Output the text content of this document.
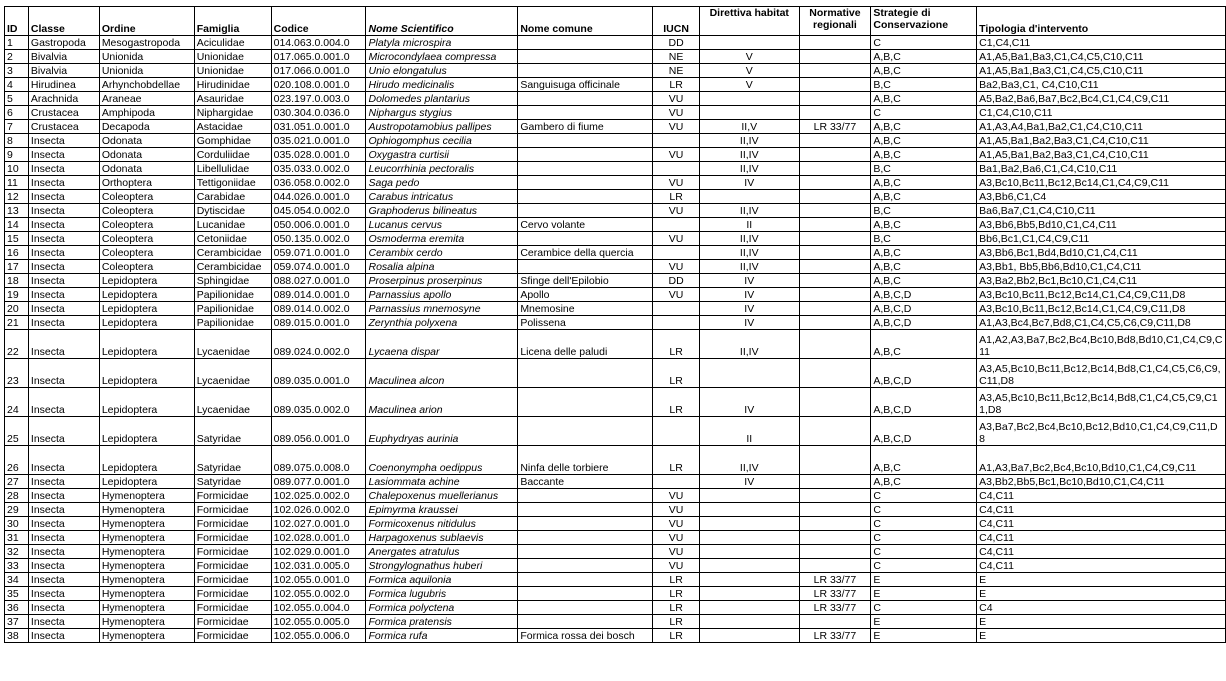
ID	Classe	Ordine	Famiglia	Codice	Nome Scientifico	Nome comune	IUCN	Direttiva habitat	Normative regionali	Strategie di Conservazione	Tipologia d'intervento
1	Gastropoda	Mesogastropoda	Aciculidae	014.063.0.004.0	Platyla microspira		DD			C	C1,C4,C11
2	Bivalvia	Unionida	Unionidae	017.065.0.001.0	Microcondylaea compressa		NE	V		A,B,C	A1,A5,Ba1,Ba3,C1,C4,C5,C10,C11
3	Bivalvia	Unionida	Unionidae	017.066.0.001.0	Unio elongatulus		NE	V		A,B,C	A1,A5,Ba1,Ba3,C1,C4,C5,C10,C11
4	Hirudinea	Arhynchobdellae	Hirudinidae	020.108.0.001.0	Hirudo medicinalis	Sanguisuga officinale	LR	V		B,C	Ba2,Ba3,C1, C4,C10,C11
5	Arachnida	Araneae	Asauridae	023.197.0.003.0	Dolomedes plantarius		VU			A,B,C	A5,Ba2,Ba6,Ba7,Bc2,Bc4,C1,C4,C9,C11
6	Crustacea	Amphipoda	Niphargidae	030.304.0.036.0	Niphargus stygius		VU			C	C1,C4,C10,C11
7	Crustacea	Decapoda	Astacidae	031.051.0.001.0	Austropotamobius pallipes	Gambero di fiume	VU	II,V	LR 33/77	A,B,C	A1,A3,A4,Ba1,Ba2,C1,C4,C10,C11
8	Insecta	Odonata	Gomphidae	035.021.0.001.0	Ophiogomphus cecilia			II,IV		A,B,C	A1,A5,Ba1,Ba2,Ba3,C1,C4,C10,C11
9	Insecta	Odonata	Corduliidae	035.028.0.001.0	Oxygastra curtisii		VU	II,IV		A,B,C	A1,A5,Ba1,Ba2,Ba3,C1,C4,C10,C11
10	Insecta	Odonata	Libellulidae	035.033.0.002.0	Leucorrhinia pectoralis			II,IV		B,C	Ba1,Ba2,Ba6,C1,C4,C10,C11
11	Insecta	Orthoptera	Tettigoniidae	036.058.0.002.0	Saga pedo		VU	IV		A,B,C	A3,Bc10,Bc11,Bc12,Bc14,C1,C4,C9,C11
12	Insecta	Coleoptera	Carabidae	044.026.0.001.0	Carabus intricatus		LR			A,B,C	A3,Bb6,C1,C4
13	Insecta	Coleoptera	Dytiscidae	045.054.0.002.0	Graphoderus bilineatus		VU	II,IV		B,C	Ba6,Ba7,C1,C4,C10,C11
14	Insecta	Coleoptera	Lucanidae	050.006.0.001.0	Lucanus cervus	Cervo volante		II		A,B,C	A3,Bb6,Bb5,Bd10,C1,C4,C11
15	Insecta	Coleoptera	Cetoniidae	050.135.0.002.0	Osmoderma eremita		VU	II,IV		B,C	Bb6,Bc1,C1,C4,C9,C11
16	Insecta	Coleoptera	Cerambicidae	059.071.0.001.0	Cerambix cerdo	Cerambice della quercia		II,IV		A,B,C	A3,Bb6,Bc1,Bd4,Bd10,C1,C4,C11
17	Insecta	Coleoptera	Cerambicidae	059.074.0.001.0	Rosalia alpina		VU	II,IV		A,B,C	A3,Bb1, Bb5,Bb6,Bd10,C1,C4,C11
18	Insecta	Lepidoptera	Sphingidae	088.027.0.001.0	Proserpinus proserpinus	Sfinge dell'Epilobio	DD	IV		A,B,C	A3,Ba2,Bb2,Bc1,Bc10,C1,C4,C11
19	Insecta	Lepidoptera	Papilionidae	089.014.0.001.0	Parnassius apollo	Apollo	VU	IV		A,B,C,D	A3,Bc10,Bc11,Bc12,Bc14,C1,C4,C9,C11,D8
20	Insecta	Lepidoptera	Papilionidae	089.014.0.002.0	Parnassius mnemosyne	Mnemosine		IV		A,B,C,D	A3,Bc10,Bc11,Bc12,Bc14,C1,C4,C9,C11,D8
21	Insecta	Lepidoptera	Papilionidae	089.015.0.001.0	Zerynthia polyxena	Polissena		IV		A,B,C,D	A1,A3,Bc4,Bc7,Bd8,C1,C4,C5,C6,C9,C11,D8
22	Insecta	Lepidoptera	Lycaenidae	089.024.0.002.0	Lycaena dispar	Licena delle paludi	LR	II,IV		A,B,C	A1,A2,A3,Ba7,Bc2,Bc4,Bc10,Bd8,Bd10,C1,C4,C9,C11
23	Insecta	Lepidoptera	Lycaenidae	089.035.0.001.0	Maculinea alcon		LR			A,B,C,D	A3,A5,Bc10,Bc11,Bc12,Bc14,Bd8,C1,C4,C5,C6,C9,C11,D8
24	Insecta	Lepidoptera	Lycaenidae	089.035.0.002.0	Maculinea arion		LR	IV		A,B,C,D	A3,A5,Bc10,Bc11,Bc12,Bc14,Bd8,C1,C4,C5,C9,C11,D8
25	Insecta	Lepidoptera	Satyridae	089.056.0.001.0	Euphydryas aurinia			II		A,B,C,D	A3,Ba7,Bc2,Bc4,Bc10,Bc12,Bd10,C1,C4,C9,C11,D8
26	Insecta	Lepidoptera	Satyridae	089.075.0.008.0	Coenonympha oedippus	Ninfa delle torbiere	LR	II,IV		A,B,C	A1,A3,Ba7,Bc2,Bc4,Bc10,Bd10,C1,C4,C9,C11
27	Insecta	Lepidoptera	Satyridae	089.077.0.001.0	Lasiommata achine	Baccante		IV		A,B,C	A3,Bb2,Bb5,Bc1,Bc10,Bd10,C1,C4,C11
28	Insecta	Hymenoptera	Formicidae	102.025.0.002.0	Chalepoxenus muellerianus		VU			C	C4,C11
29	Insecta	Hymenoptera	Formicidae	102.026.0.002.0	Epimyrma kraussei		VU			C	C4,C11
30	Insecta	Hymenoptera	Formicidae	102.027.0.001.0	Formicoxenus nitidulus		VU			C	C4,C11
31	Insecta	Hymenoptera	Formicidae	102.028.0.001.0	Harpagoxenus sublaevis		VU			C	C4,C11
32	Insecta	Hymenoptera	Formicidae	102.029.0.001.0	Anergates atratulus		VU			C	C4,C11
33	Insecta	Hymenoptera	Formicidae	102.031.0.005.0	Strongylognathus huberi		VU			C	C4,C11
34	Insecta	Hymenoptera	Formicidae	102.055.0.001.0	Formica aquilonia		LR		LR 33/77	E	E
35	Insecta	Hymenoptera	Formicidae	102.055.0.002.0	Formica lugubris		LR		LR 33/77	E	E
36	Insecta	Hymenoptera	Formicidae	102.055.0.004.0	Formica polyctena		LR		LR 33/77	C	C4
37	Insecta	Hymenoptera	Formicidae	102.055.0.005.0	Formica pratensis		LR			E	E
38	Insecta	Hymenoptera	Formicidae	102.055.0.006.0	Formica rufa	Formica rossa dei bosch	LR		LR 33/77	E	E
